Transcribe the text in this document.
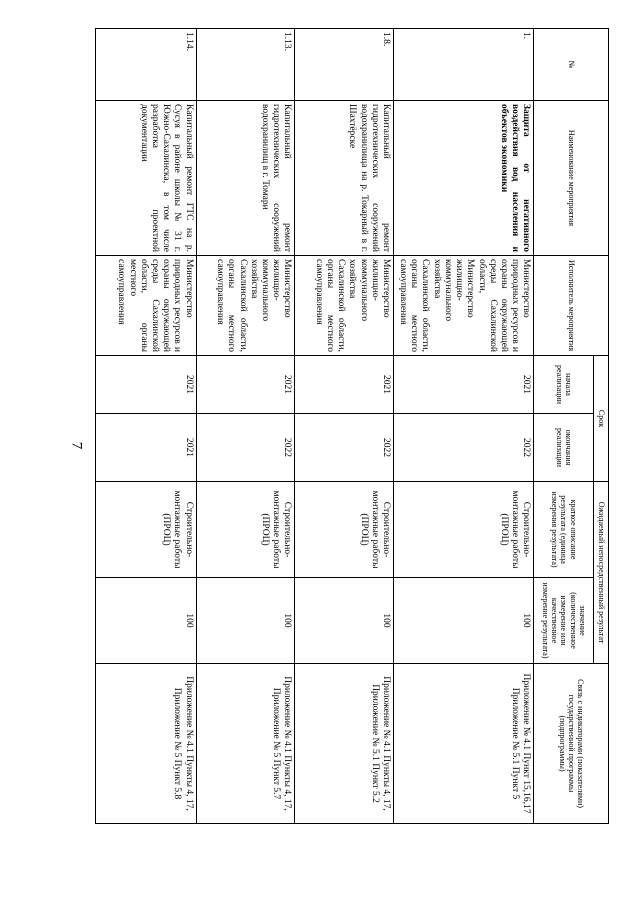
7
№	Наименование мероприятия	Исполнитель мероприятия	Срок		Ожидаемый непосредственный результат		Связь с индикаторами (показателями) государственной программы (подпрограммы)
			начала реализации	окончания реализации	краткое описание результата (единица измерения результата)	значение (количественное измерение или качественное измерение результата)	
1.	Защита от негативного воздействия вод населения и объектов экономики	Министерство природных ресурсов и охраны окружающей среды Сахалинской области, Министерство жилищно-коммунального хозяйства Сахалинской области, органы местного самоуправления	2021	2022	Строительно-монтажные работы (ПРОЦ)	100	Приложение № 4.1 Пункт 15,16,17 Приложение № 5.1 Пункт 5
1.8.	Капитальный ремонт гидротехнических сооружений водохранилища на р. Токарный в г. Шахтёрске	Министерство жилищно-коммунального хозяйства Сахалинской области, органы местного самоуправления	2021	2022	Строительно-монтажные работы (ПРОЦ)	100	Приложение № 4.1 Пункты 4, 17, Приложение № 5.1 Пункт 5.2
1.13.	Капитальный ремонт гидротехнических сооружений водохранилищ в г. Томари	Министерство жилищно-коммунального хозяйства Сахалинской области, органы местного самоуправления	2021	2022	Строительно-монтажные работы (ПРОЦ)	100	Приложение № 4.1 Пункты 4, 17, Приложение № 5 Пункт 5.7
1.14.	Капитальный ремонт ГТС на р. Сусуя в районе школы № 31 г. Южно-Сахалинска, в том числе разработка проектной документации	Министерство природных ресурсов и охраны окружающей среды Сахалинской области, органы местного самоуправления	2021	2021	Строительно-монтажные работы (ПРОЦ)	100	Приложение № 4.1 Пункты 4, 17, Приложение № 5 Пункт 5.8
